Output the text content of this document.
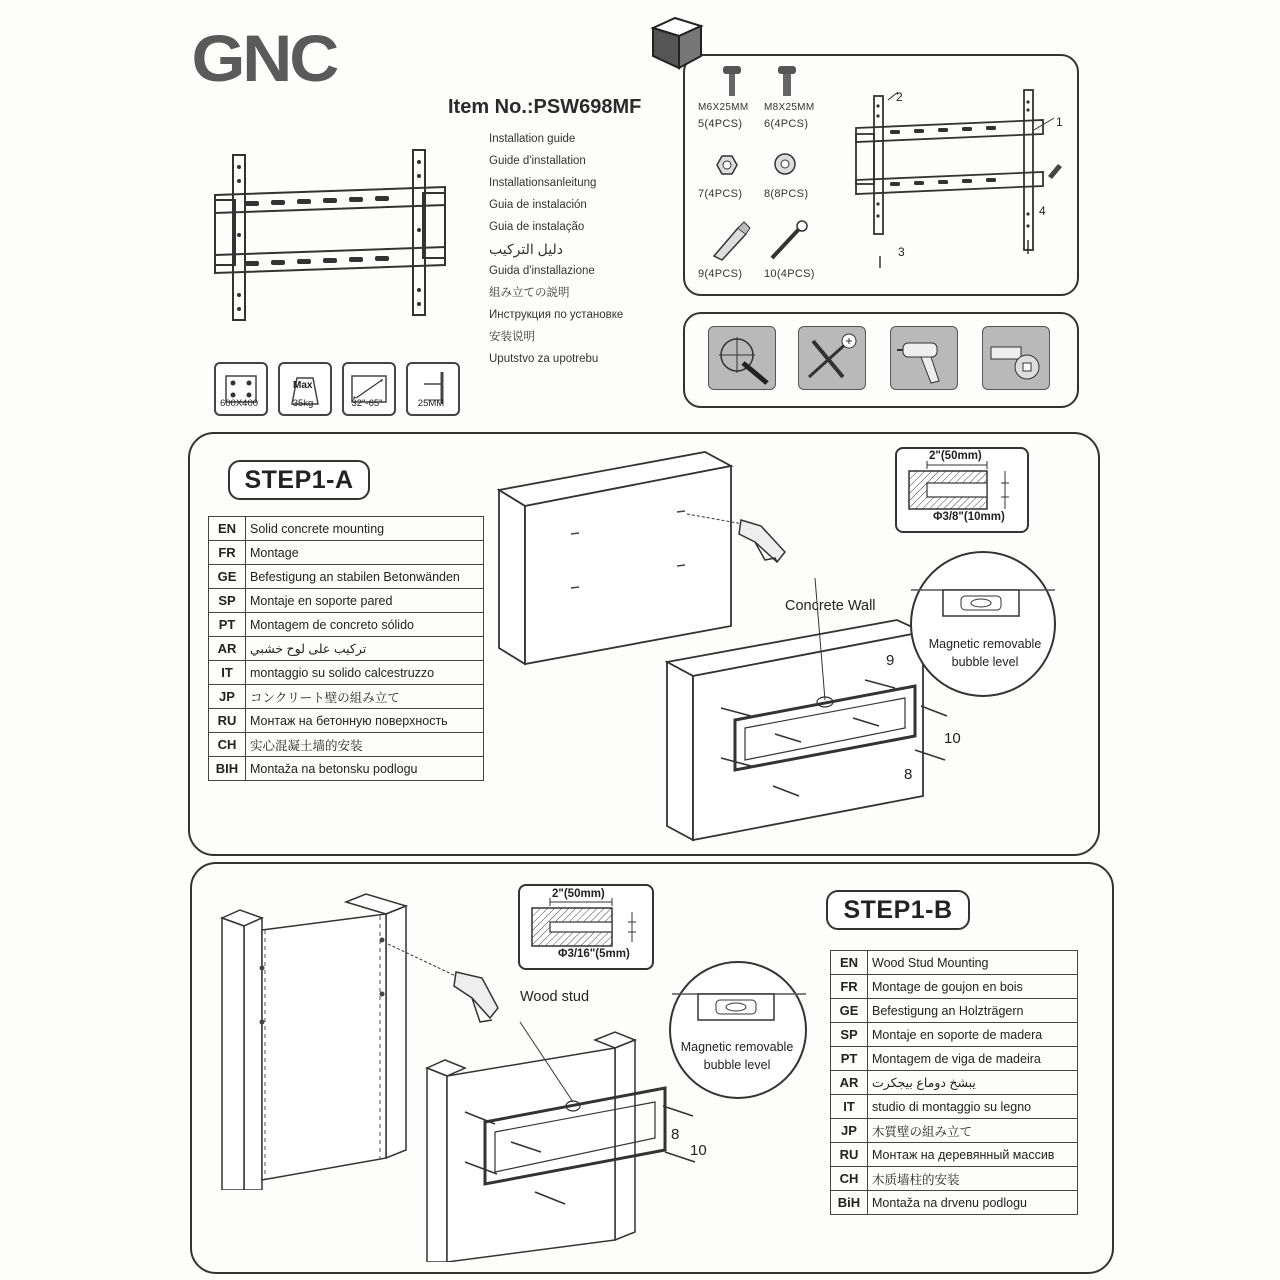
GNC
Item No.:PSW698MF
Installation guide
Guide d'installation
Installationsanleitung
Guia de instalación
Guia de instalação
دليل التركيب
Guida d'installazione
組み立ての説明
Инструкция по установке
安装说明
Uputstvo za upotrebu
600X400
Max
35kg	32"-65"	25MM
M6X25MM M8X25MM
5(4PCS) 6(4PCS)
7(4PCS) 8(8PCS)
9(4PCS) 10(4PCS)
2
1
3
4
STEP1-A
EN	Solid concrete mounting
FR	Montage
GE	Befestigung an stabilen Betonwänden
SP	Montaje en soporte pared
PT	Montagem de concreto sólido
AR	تركيب على لوح خشبي
IT	montaggio su solido calcestruzzo
JP	コンクリート壁の組み立て
RU	Монтаж на бетонную поверхность
CH	实心混凝土墙的安装
BIH	Montaža na betonsku podlogu
2"(50mm)
Φ3/8"(10mm)
Concrete Wall
9
10
8
Magnetic removable
bubble level
STEP1-B
EN	Wood Stud Mounting
FR	Montage de goujon en bois
GE	Befestigung an Holzträgern
SP	Montaje en soporte de madera
PT	Montagem de viga de madeira
AR	يبشخ دوماع بيجكرت
IT	studio di montaggio su legno
JP	木質壁の組み立て
RU	Монтаж на деревянный массив
CH	木质墙柱的安装
BiH	Montaža na drvenu podlogu
2"(50mm)
Φ3/16"(5mm)
Wood stud
8
10
Magnetic removable
bubble level
